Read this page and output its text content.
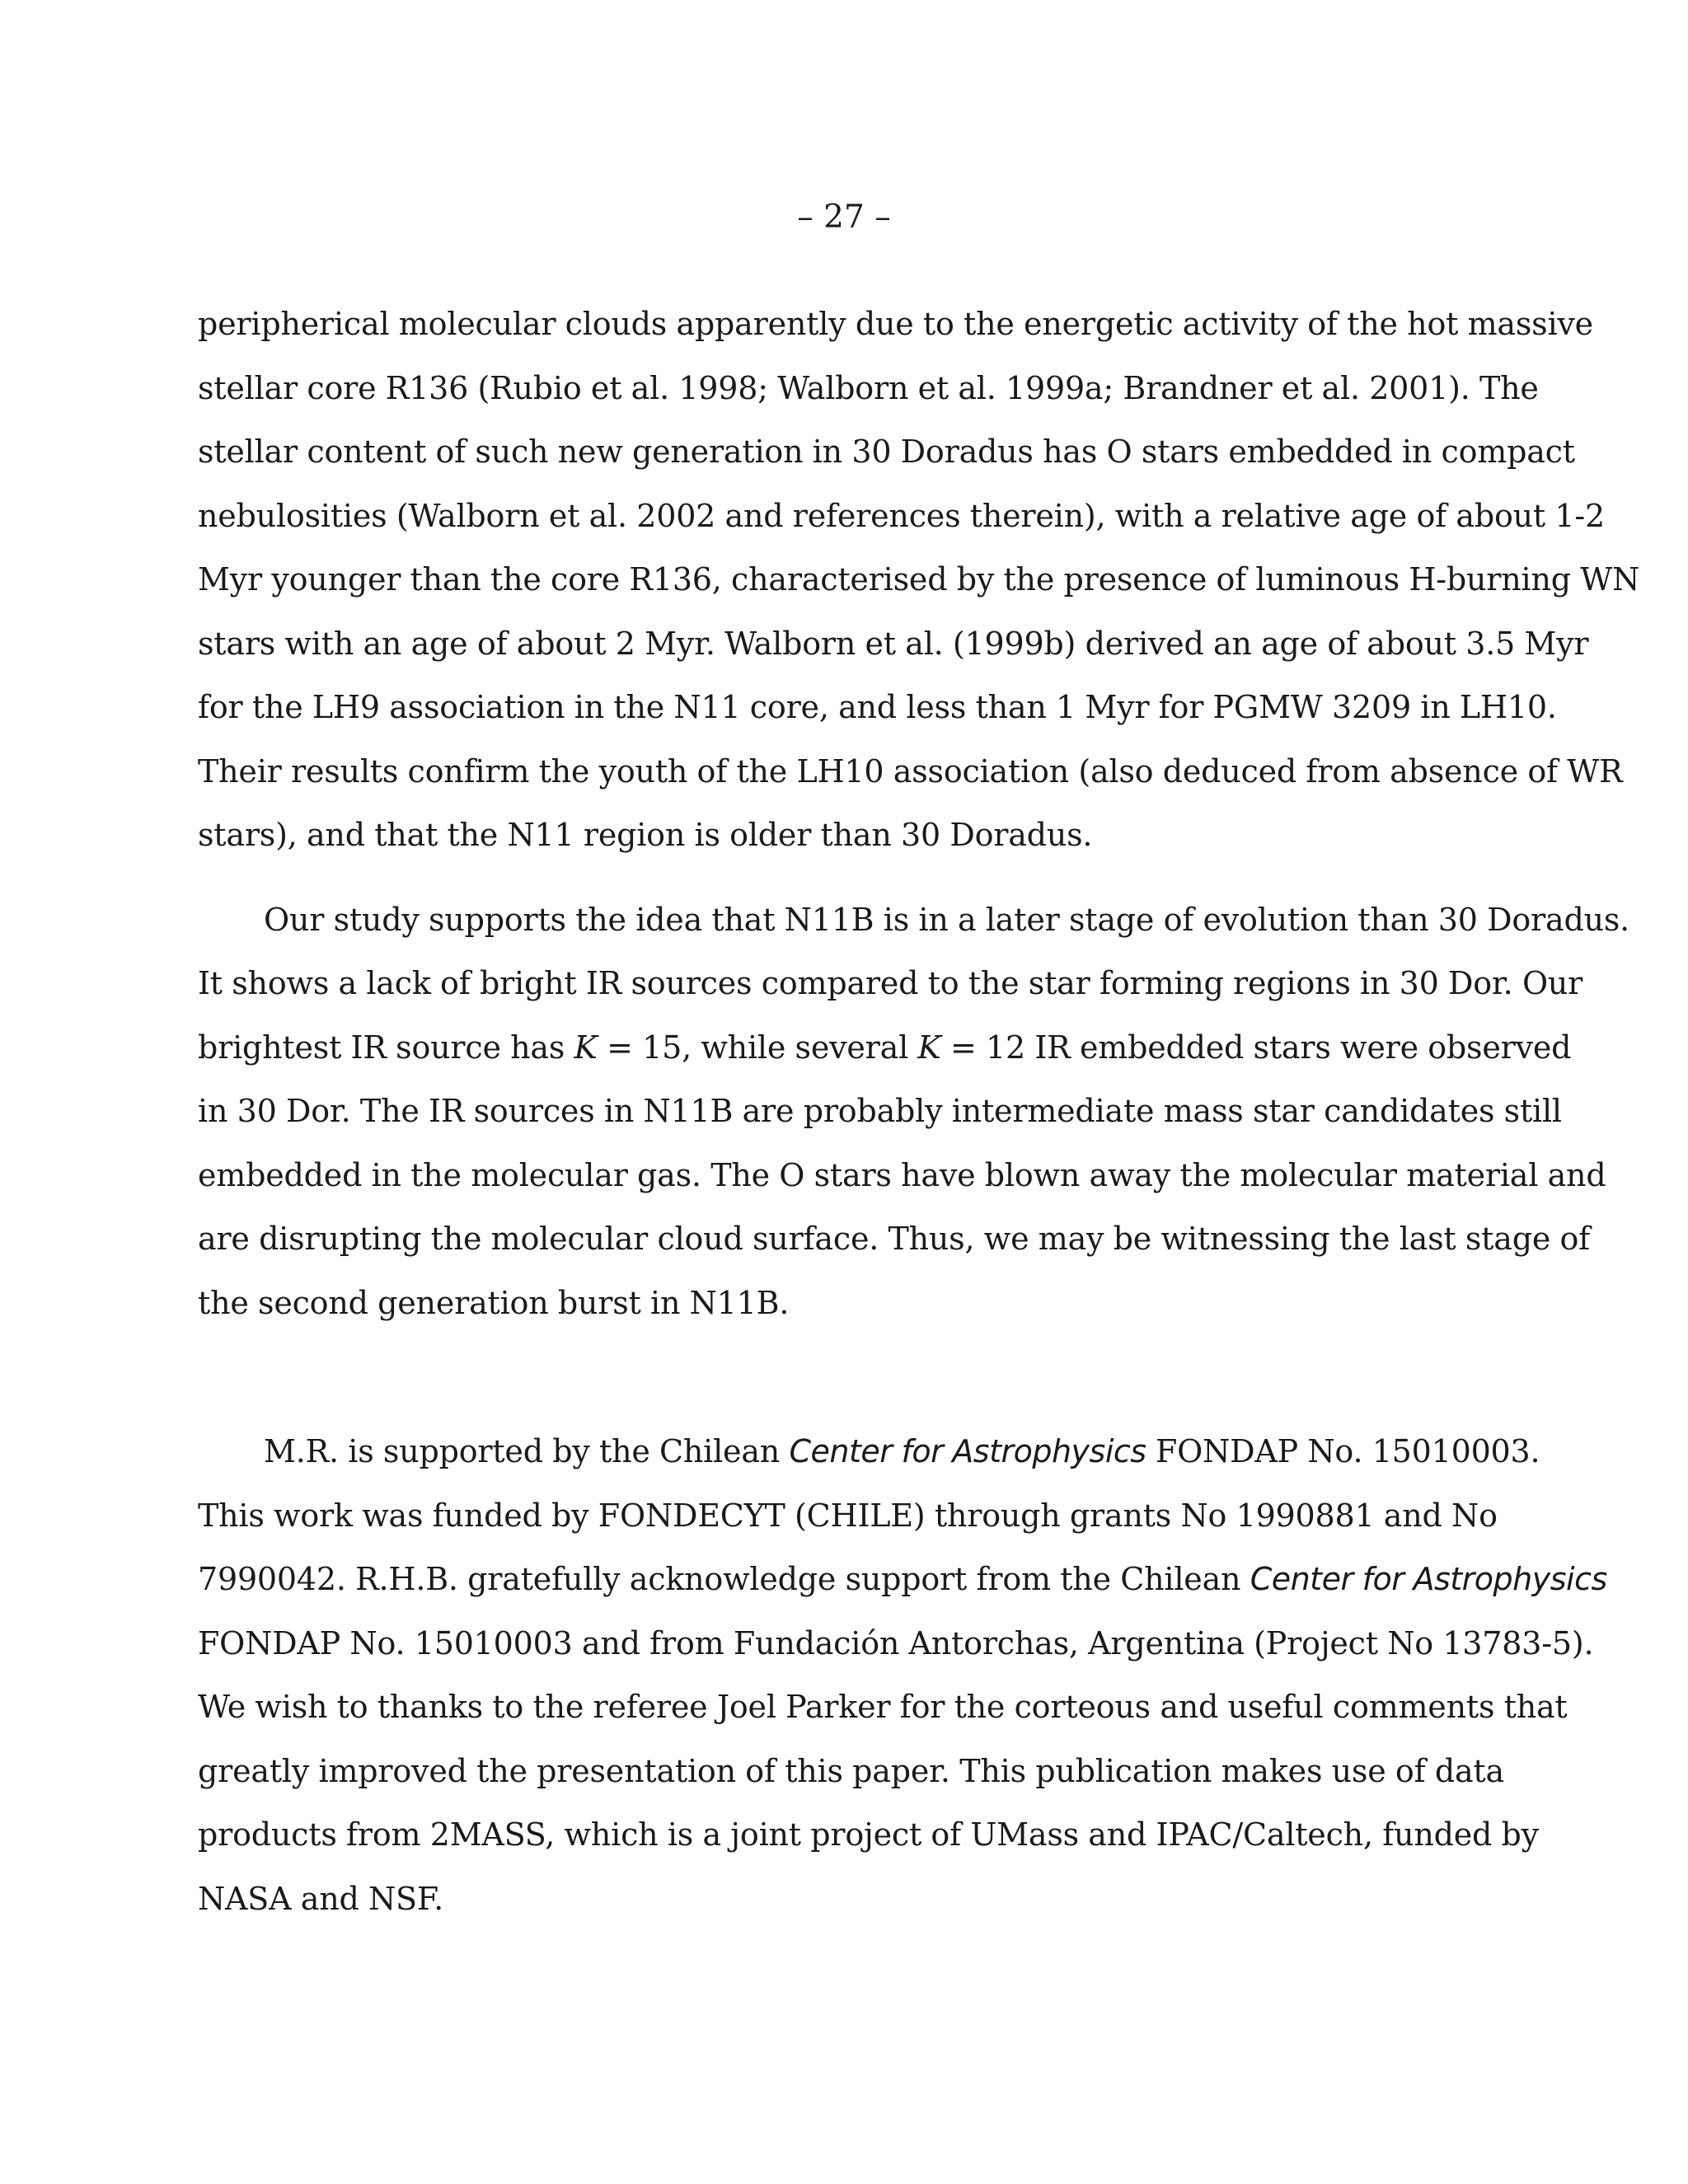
– 27 –
peripherical molecular clouds apparently due to the energetic activity of the hot massive
stellar core R136 (Rubio et al. 1998; Walborn et al. 1999a; Brandner et al. 2001). The
stellar content of such new generation in 30 Doradus has O stars embedded in compact
nebulosities (Walborn et al. 2002 and references therein), with a relative age of about 1-2
Myr younger than the core R136, characterised by the presence of luminous H-burning WN
stars with an age of about 2 Myr. Walborn et al. (1999b) derived an age of about 3.5 Myr
for the LH9 association in the N11 core, and less than 1 Myr for PGMW 3209 in LH10.
Their results confirm the youth of the LH10 association (also deduced from absence of WR
stars), and that the N11 region is older than 30 Doradus.
Our study supports the idea that N11B is in a later stage of evolution than 30 Doradus.
It shows a lack of bright IR sources compared to the star forming regions in 30 Dor. Our
brightest IR source has K = 15, while several K = 12 IR embedded stars were observed
in 30 Dor. The IR sources in N11B are probably intermediate mass star candidates still
embedded in the molecular gas. The O stars have blown away the molecular material and
are disrupting the molecular cloud surface. Thus, we may be witnessing the last stage of
the second generation burst in N11B.
M.R. is supported by the Chilean Center for Astrophysics FONDAP No. 15010003.
This work was funded by FONDECYT (CHILE) through grants No 1990881 and No
7990042. R.H.B. gratefully acknowledge support from the Chilean Center for Astrophysics
FONDAP No. 15010003 and from Fundación Antorchas, Argentina (Project No 13783-5).
We wish to thanks to the referee Joel Parker for the corteous and useful comments that
greatly improved the presentation of this paper. This publication makes use of data
products from 2MASS, which is a joint project of UMass and IPAC/Caltech, funded by
NASA and NSF.
